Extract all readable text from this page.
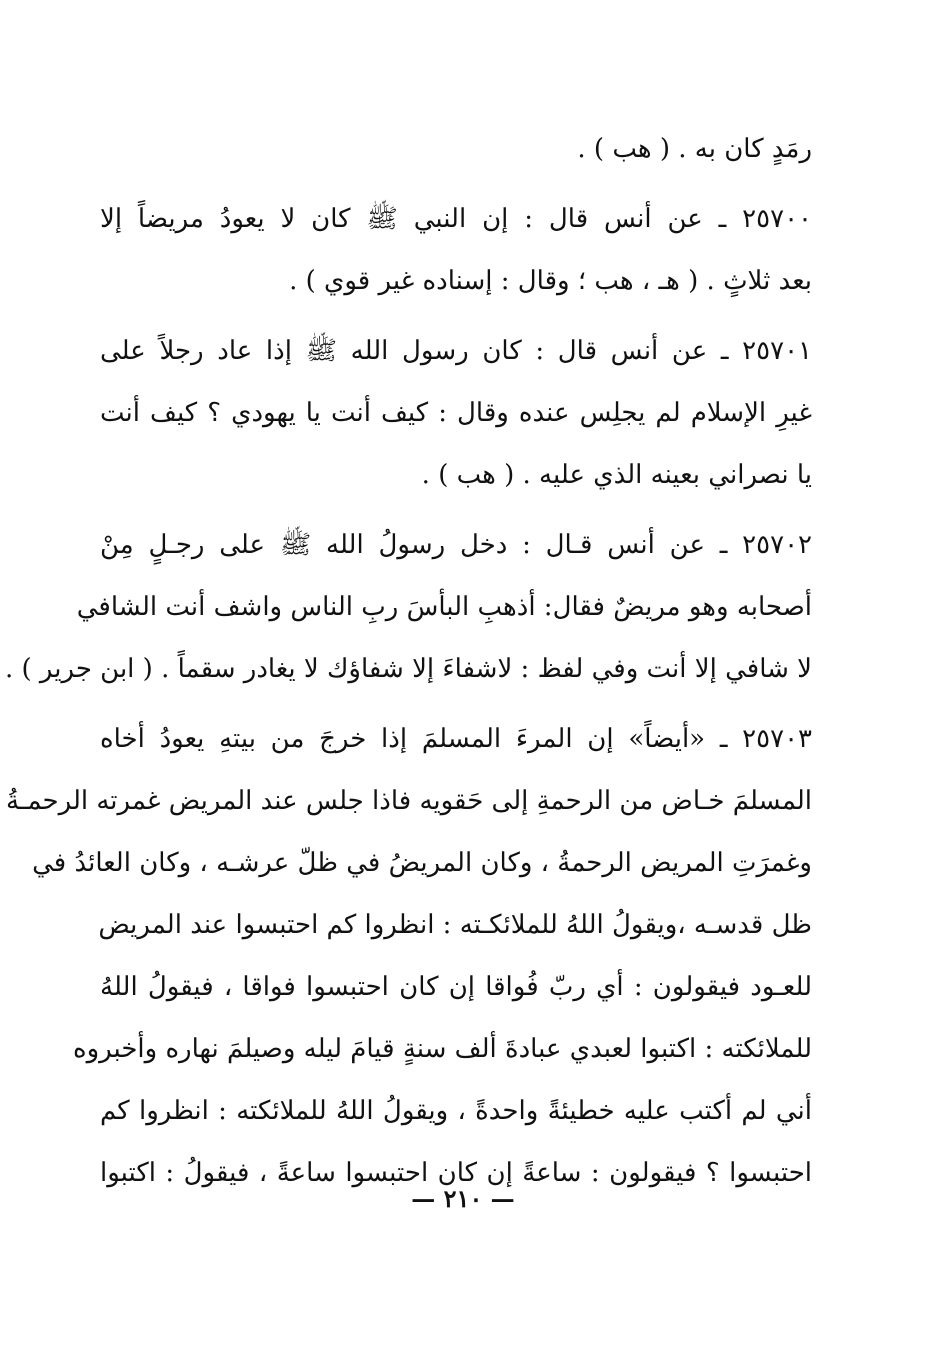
رمَدٍ كان به . ( هب ) .
٢٥٧٠٠ ـ عن أنس قال : إن النبي ﷺ كان لا يعودُ مريضاً إلا
بعد ثلاثٍ . ( هـ ، هب ؛ وقال : إسناده غير قوي ) .
٢٥٧٠١ ـ عن أنس قال : كان رسول الله ﷺ إذا عاد رجلاً على
غيرِ الإسلام لم يجلِس عنده وقال : كيف أنت يا يهودي ؟ كيف أنت
يا نصراني بعينه الذي عليه . ( هب ) .
٢٥٧٠٢ ـ عن أنس قـال : دخل رسولُ الله ﷺ على رجـلٍ مِنْ
أصحابه وهو مريضٌ فقال: أذهبِ البأسَ ربِ الناس واشف أنت الشافي
لا شافي إلا أنت وفي لفظ : لاشفاءَ إلا شفاؤك لا يغادر سقماً . ( ابن جرير ) .
٢٥٧٠٣ ـ «أيضاً» إن المرءَ المسلمَ إذا خرجَ من بيتهِ يعودُ أخاه
المسلمَ خـاض من الرحمةِ إلى حَقويه فاذا جلس عند المريض غمرته الرحمـةُ
وغمرَتِ المريض الرحمةُ ، وكان المريضُ في ظلّ عرشـه ، وكان العائدُ في
ظل قدسـه ،ويقولُ اللهُ للملائكـته : انظروا كم احتبسوا عند المريض
للعـود فيقولون : أي ربّ فُواقا إن كان احتبسوا فواقا ، فيقولُ اللهُ
للملائكته : اكتبوا لعبدي عبادةَ ألف سنةٍ قيامَ ليله وصيلمَ نهاره وأخبروه
أني لم أكتب عليه خطيئةً واحدةً ، ويقولُ اللهُ للملائكته : انظروا كم
احتبسوا ؟ فيقولون : ساعةً إن كان احتبسوا ساعةً ، فيقولُ : اكتبوا
— ٢١٠ —
